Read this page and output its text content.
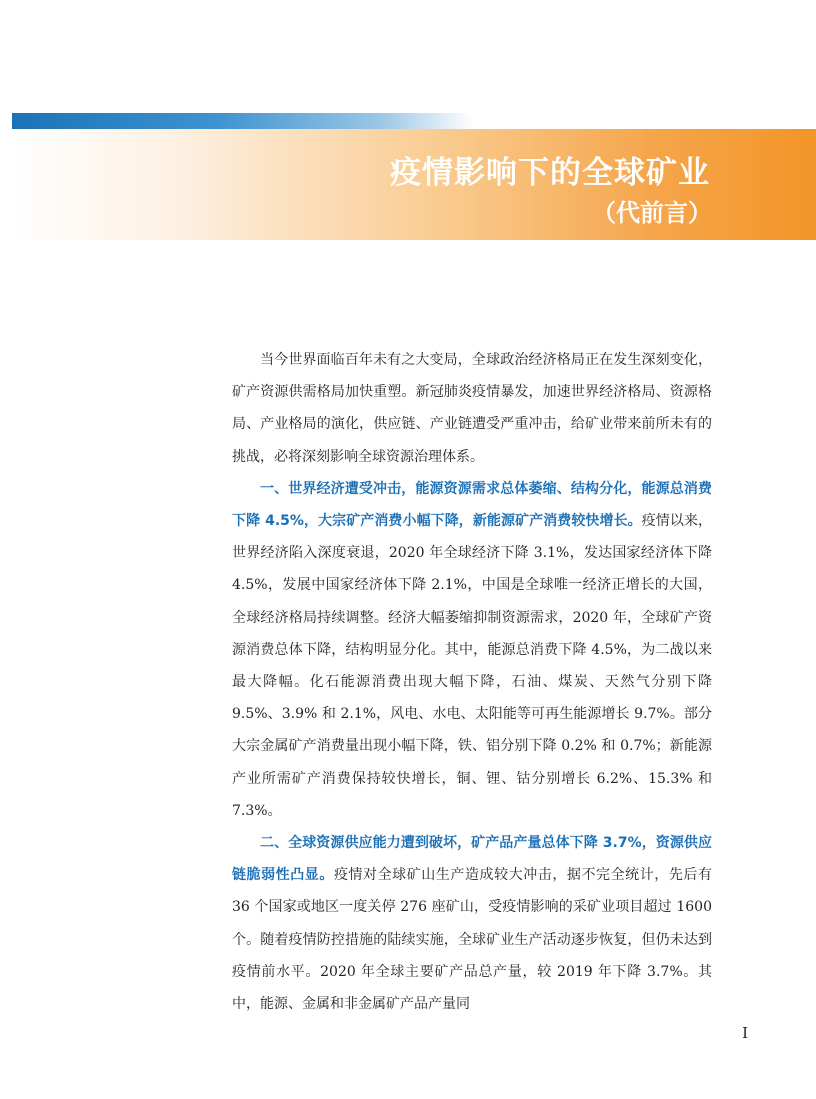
疫情影响下的全球矿业
（代前言）

当今世界面临百年未有之大变局，全球政治经济格局正在发生深刻变化，矿产资源供需格局加快重塑。新冠肺炎疫情暴发，加速世界经济格局、资源格局、产业格局的演化，供应链、产业链遭受严重冲击，给矿业带来前所未有的挑战，必将深刻影响全球资源治理体系。

一、世界经济遭受冲击，能源资源需求总体萎缩、结构分化，能源总消费下降 4.5%，大宗矿产消费小幅下降，新能源矿产消费较快增长。疫情以来，世界经济陷入深度衰退，2020 年全球经济下降 3.1%，发达国家经济体下降 4.5%，发展中国家经济体下降 2.1%，中国是全球唯一经济正增长的大国，全球经济格局持续调整。经济大幅萎缩抑制资源需求，2020 年，全球矿产资源消费总体下降，结构明显分化。其中，能源总消费下降 4.5%，为二战以来最大降幅。化石能源消费出现大幅下降，石油、煤炭、天然气分别下降 9.5%、3.9% 和 2.1%，风电、水电、太阳能等可再生能源增长 9.7%。部分大宗金属矿产消费量出现小幅下降，铁、铝分别下降 0.2% 和 0.7%；新能源产业所需矿产消费保持较快增长，铜、锂、钴分别增长 6.2%、15.3% 和 7.3%。

二、全球资源供应能力遭到破坏，矿产品产量总体下降 3.7%，资源供应链脆弱性凸显。疫情对全球矿山生产造成较大冲击，据不完全统计，先后有 36 个国家或地区一度关停 276 座矿山，受疫情影响的采矿业项目超过 1600 个。随着疫情防控措施的陆续实施，全球矿业生产活动逐步恢复，但仍未达到疫情前水平。2020 年全球主要矿产品总产量，较 2019 年下降 3.7%。其中，能源、金属和非金属矿产品产量同

I
